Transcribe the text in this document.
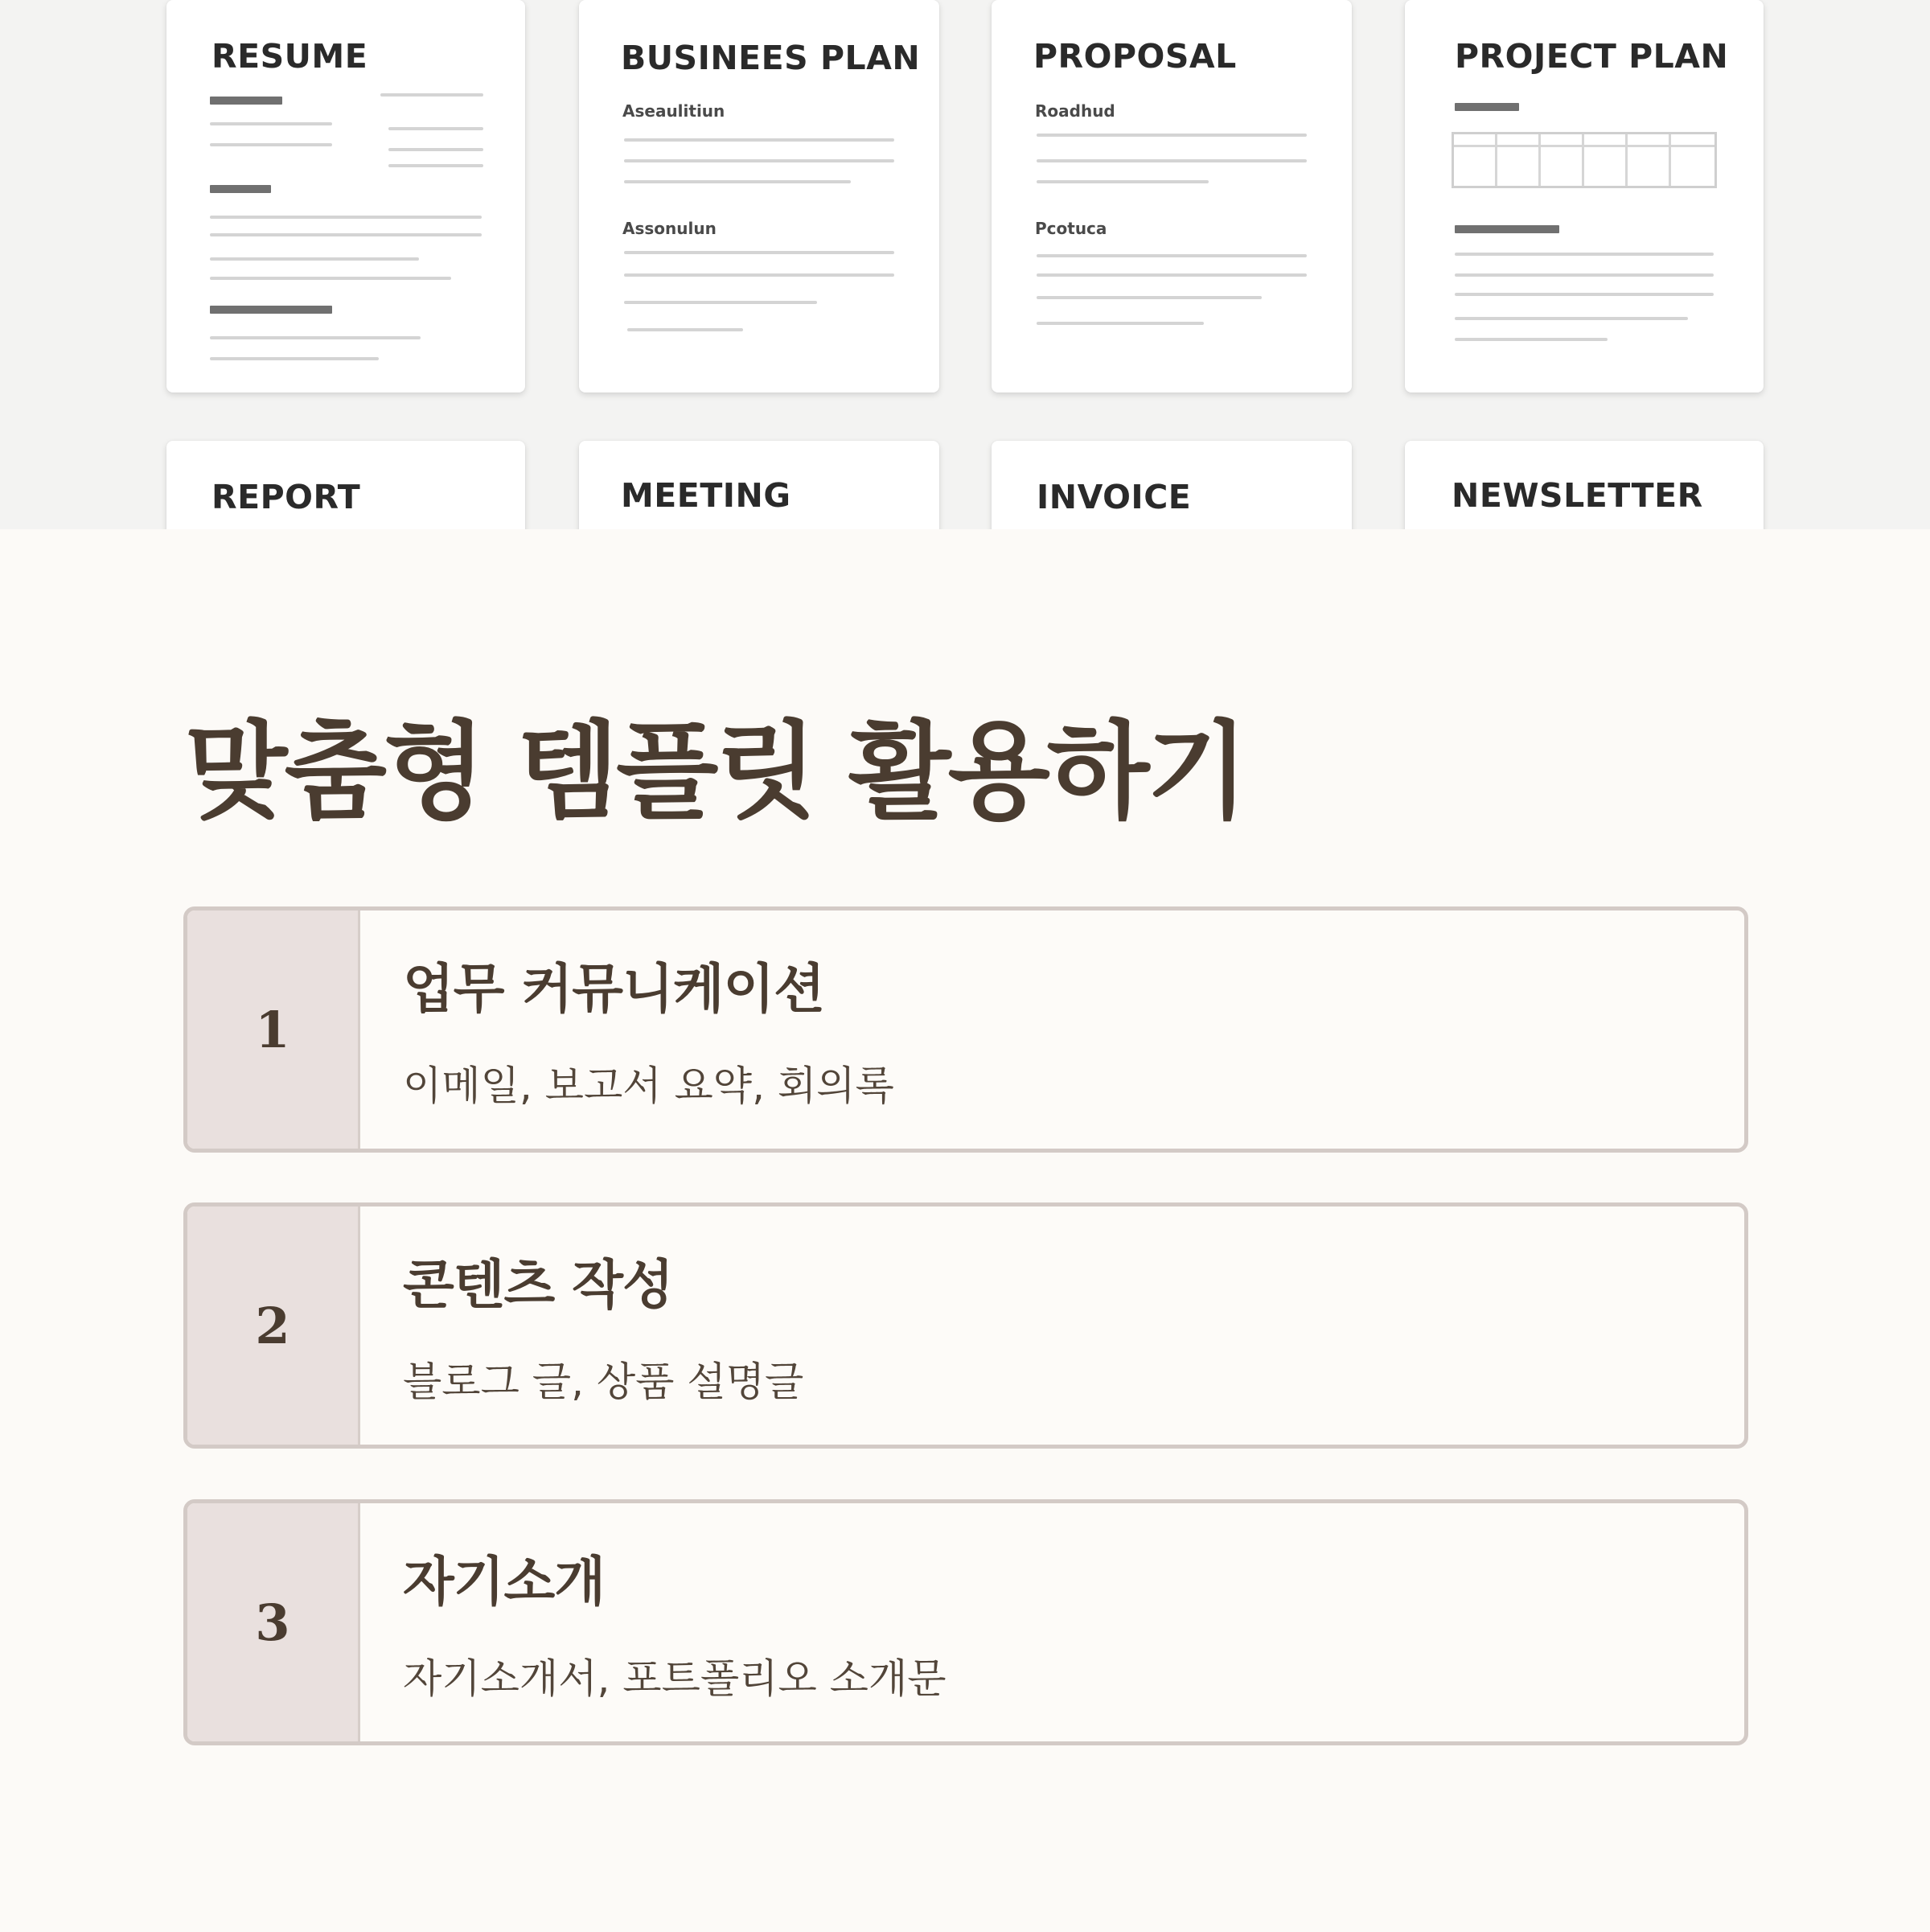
RESUME	BUSINEES PLAN
Aseaulitiun
Assonulun
PROPOSAL
Roadhud
Pcotuca
PROJECT PLAN
REPORT	MEETING	INVOICE	NEWSLETTER
맞춤형 템플릿 활용하기
1
업무 커뮤니케이션
이메일, 보고서 요약, 회의록
2
콘텐츠 작성
블로그 글, 상품 설명글
3
자기소개
자기소개서, 포트폴리오 소개문
